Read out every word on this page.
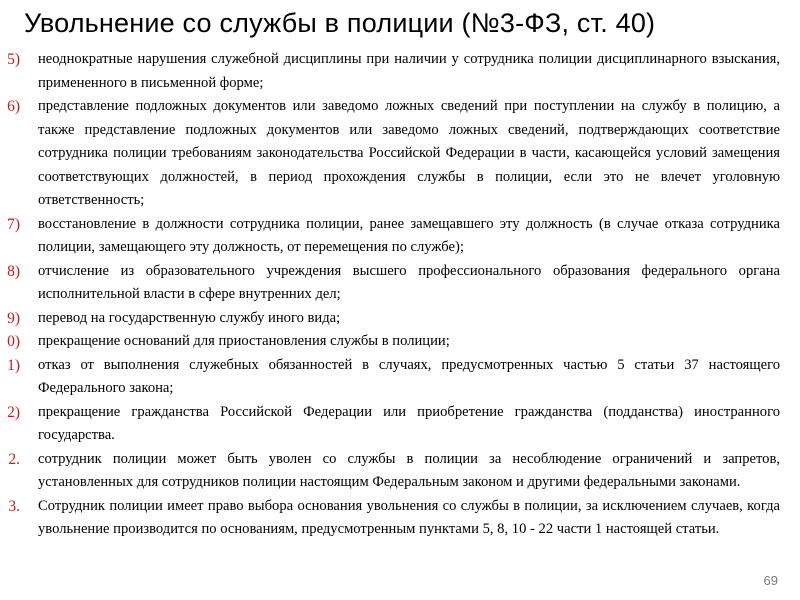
Увольнение со службы в полиции (№3-ФЗ, ст. 40)
5) неоднократные нарушения служебной дисциплины при наличии у сотрудника полиции дисциплинарного взыскания, примененного в письменной форме;
6) представление подложных документов или заведомо ложных сведений при поступлении на службу в полицию, а также представление подложных документов или заведомо ложных сведений, подтверждающих соответствие сотрудника полиции требованиям законодательства Российской Федерации в части, касающейся условий замещения соответствующих должностей, в период прохождения службы в полиции, если это не влечет уголовную ответственность;
7) восстановление в должности сотрудника полиции, ранее замещавшего эту должность (в случае отказа сотрудника полиции, замещающего эту должность, от перемещения по службе);
8) отчисление из образовательного учреждения высшего профессионального образования федерального органа исполнительной власти в сфере внутренних дел;
9) перевод на государственную службу иного вида;
0) прекращение оснований для приостановления службы в полиции;
1) отказ от выполнения служебных обязанностей в случаях, предусмотренных частью 5 статьи 37 настоящего Федерального закона;
2) прекращение гражданства Российской Федерации или приобретение гражданства (подданства) иностранного государства.
2. сотрудник полиции может быть уволен со службы в полиции за несоблюдение ограничений и запретов, установленных для сотрудников полиции настоящим Федеральным законом и другими федеральными законами.
3. Сотрудник полиции имеет право выбора основания увольнения со службы в полиции, за исключением случаев, когда увольнение производится по основаниям, предусмотренным пунктами 5, 8, 10 - 22 части 1 настоящей статьи.
69
